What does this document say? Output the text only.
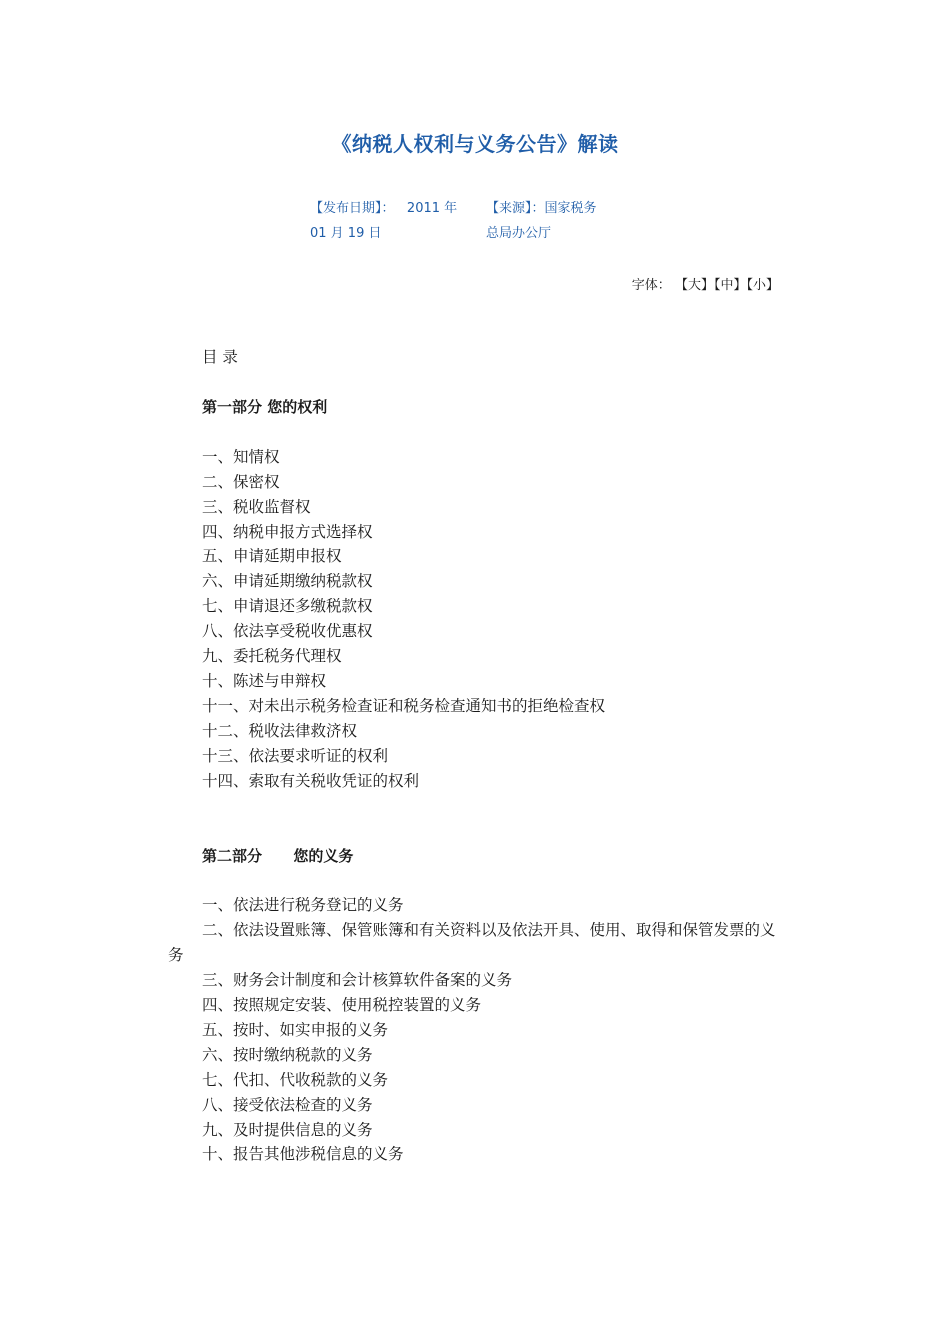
《纳税人权利与义务公告》解读
【发布日期】： 2011 年
01 月 19 日
【来源】：国家税务
总局办公厅
字体： 【大】【中】【小】

目 录

第一部分 您的权利

一、知情权

二、保密权

三、税收监督权

四、纳税申报方式选择权

五、申请延期申报权

六、申请延期缴纳税款权

七、申请退还多缴税款权

八、依法享受税收优惠权

九、委托税务代理权

十、陈述与申辩权

十一、对未出示税务检查证和税务检查通知书的拒绝检查权

十二、税收法律救济权

十三、依法要求听证的权利

十四、索取有关税收凭证的权利

第二部分      您的义务

一、依法进行税务登记的义务

二、依法设置账簿、保管账簿和有关资料以及依法开具、使用、取得和保管发票的义务

三、财务会计制度和会计核算软件备案的义务

四、按照规定安装、使用税控装置的义务

五、按时、如实申报的义务

六、按时缴纳税款的义务

七、代扣、代收税款的义务

八、接受依法检查的义务

九、及时提供信息的义务

十、报告其他涉税信息的义务
